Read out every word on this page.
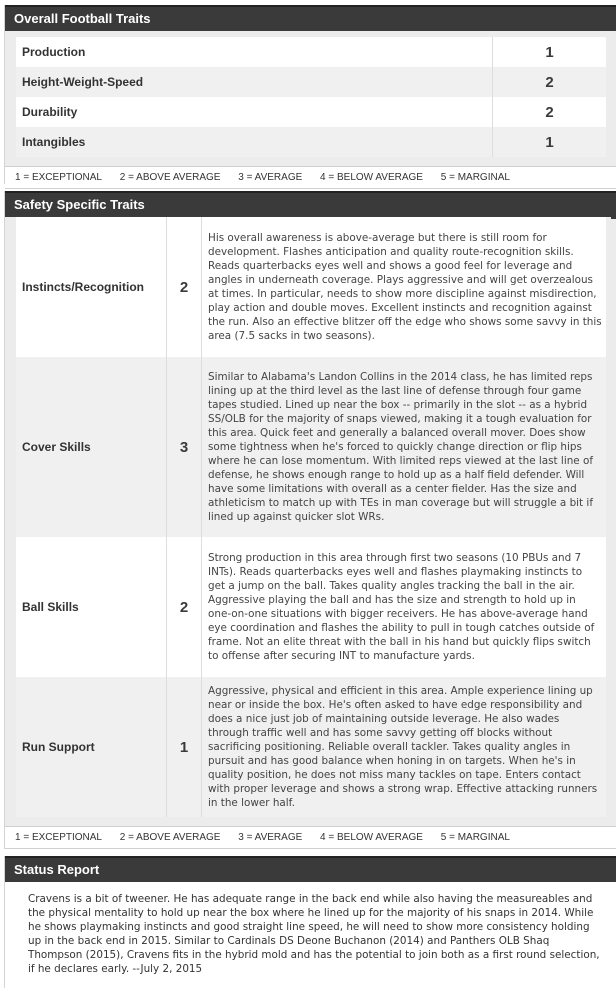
Overall Football Traits
Production	1
Height-Weight-Speed	2
Durability	2
Intangibles	1
1 = EXCEPTIONAL 2 = ABOVE AVERAGE 3 = AVERAGE 4 = BELOW AVERAGE 5 = MARGINAL
Safety Specific Traits
Instincts/Recognition	2	His overall awareness is above-average but there is still room for development. Flashes anticipation and quality route-recognition skills. Reads quarterbacks eyes well and shows a good feel for leverage and angles in underneath coverage. Plays aggressive and will get overzealous at times. In particular, needs to show more discipline against misdirection, play action and double moves. Excellent instincts and recognition against the run. Also an effective blitzer off the edge who shows some savvy in this area (7.5 sacks in two seasons).
Cover Skills	3	Similar to Alabama's Landon Collins in the 2014 class, he has limited reps lining up at the third level as the last line of defense through four game tapes studied. Lined up near the box -- primarily in the slot -- as a hybrid SS/OLB for the majority of snaps viewed, making it a tough evaluation for this area. Quick feet and generally a balanced overall mover. Does show some tightness when he's forced to quickly change direction or flip hips where he can lose momentum. With limited reps viewed at the last line of defense, he shows enough range to hold up as a half field defender. Will have some limitations with overall as a center fielder. Has the size and athleticism to match up with TEs in man coverage but will struggle a bit if lined up against quicker slot WRs.
Ball Skills	2	Strong production in this area through first two seasons (10 PBUs and 7 INTs). Reads quarterbacks eyes well and flashes playmaking instincts to get a jump on the ball. Takes quality angles tracking the ball in the air. Aggressive playing the ball and has the size and strength to hold up in one-on-one situations with bigger receivers. He has above-average hand eye coordination and flashes the ability to pull in tough catches outside of frame. Not an elite threat with the ball in his hand but quickly flips switch to offense after securing INT to manufacture yards.
Run Support	1	Aggressive, physical and efficient in this area. Ample experience lining up near or inside the box. He's often asked to have edge responsibility and does a nice just job of maintaining outside leverage. He also wades through traffic well and has some savvy getting off blocks without sacrificing positioning. Reliable overall tackler. Takes quality angles in pursuit and has good balance when honing in on targets. When he's in quality position, he does not miss many tackles on tape. Enters contact with proper leverage and shows a strong wrap. Effective attacking runners in the lower half.
1 = EXCEPTIONAL 2 = ABOVE AVERAGE 3 = AVERAGE 4 = BELOW AVERAGE 5 = MARGINAL
Status Report
Cravens is a bit of tweener. He has adequate range in the back end while also having the measureables and the physical mentality to hold up near the box where he lined up for the majority of his snaps in 2014. While he shows playmaking instincts and good straight line speed, he will need to show more consistency holding up in the back end in 2015. Similar to Cardinals DS Deone Buchanon (2014) and Panthers OLB Shaq Thompson (2015), Cravens fits in the hybrid mold and has the potential to join both as a first round selection, if he declares early. --July 2, 2015
